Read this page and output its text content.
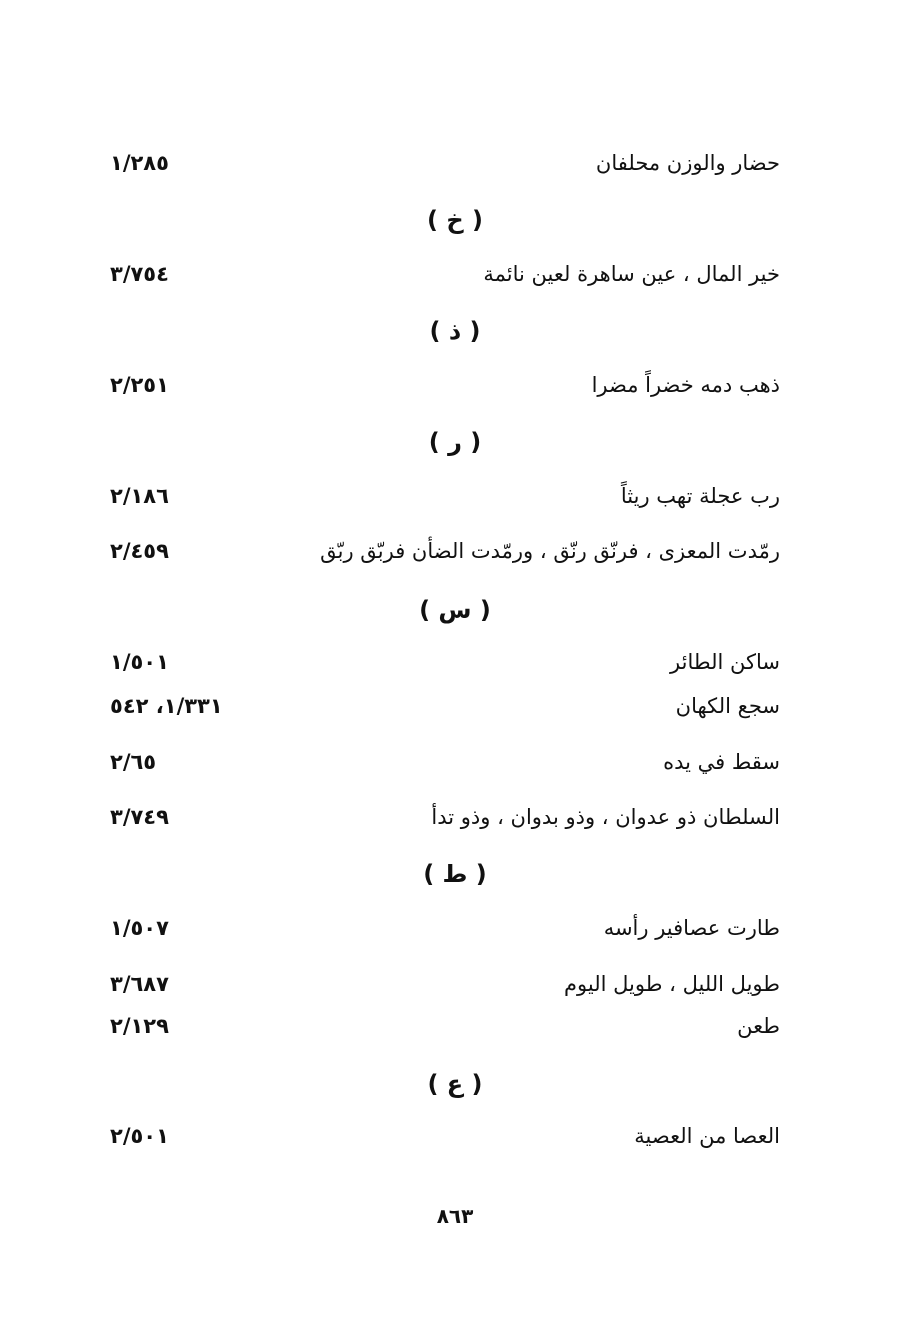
حضار والوزن محلفان
١/٢٨٥
( خ )
خير المال ، عين ساهرة لعين نائمة
٣/٧٥٤
( ذ )
ذهب دمه خضراً مضرا
٢/٢٥١
( ر )
رب عجلة تهب ريثاً
٢/١٨٦
رمّدت المعزى ، فرنّق رنّق ، ورمّدت الضأن فربّق ربّق
٢/٤٥٩
( س )
ساكن الطائر
١/٥٠١
سجع الكهان
١/٣٣١، ٥٤٢
سقط في يده
٢/٦٥
السلطان ذو عدوان ، وذو بدوان ، وذو تدأ
٣/٧٤٩
( ط )
طارت عصافير رأسه
١/٥٠٧
طويل الليل ، طويل اليوم
٣/٦٨٧
طعن
٢/١٢٩
( ع )
العصا من العصية
٢/٥٠١
٨٦٣
